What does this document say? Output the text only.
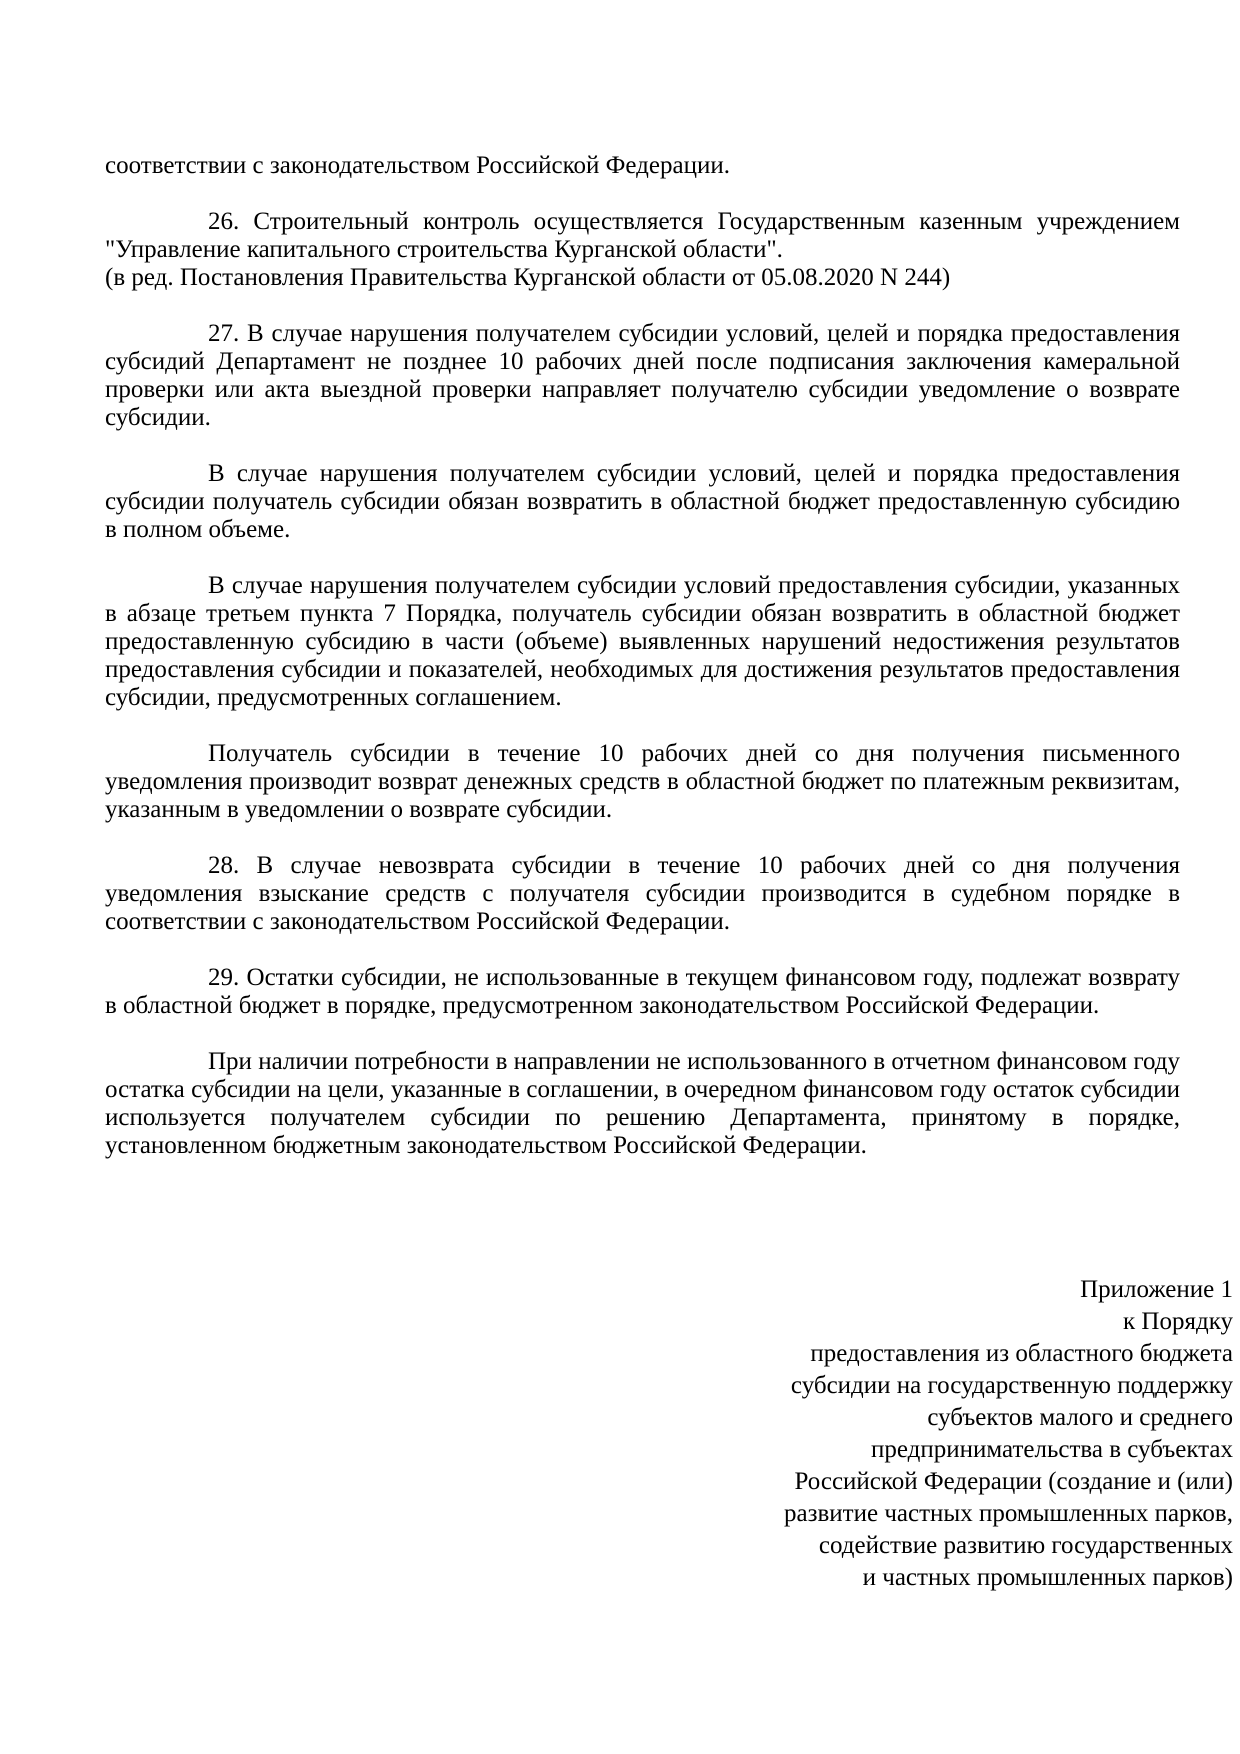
соответствии с законодательством Российской Федерации.

26. Строительный контроль осуществляется Государственным казенным учреждением "Управление капитального строительства Курганской области".

(в ред. Постановления Правительства Курганской области от 05.08.2020 N 244)

27. В случае нарушения получателем субсидии условий, целей и порядка предоставления субсидий Департамент не позднее 10 рабочих дней после подписания заключения камеральной проверки или акта выездной проверки направляет получателю субсидии уведомление о возврате субсидии.

В случае нарушения получателем субсидии условий, целей и порядка предоставления субсидии получатель субсидии обязан возвратить в областной бюджет предоставленную субсидию в полном объеме.

В случае нарушения получателем субсидии условий предоставления субсидии, указанных в абзаце третьем пункта 7 Порядка, получатель субсидии обязан возвратить в областной бюджет предоставленную субсидию в части (объеме) выявленных нарушений недостижения результатов предоставления субсидии и показателей, необходимых для достижения результатов предоставления субсидии, предусмотренных соглашением.

Получатель субсидии в течение 10 рабочих дней со дня получения письменного уведомления производит возврат денежных средств в областной бюджет по платежным реквизитам, указанным в уведомлении о возврате субсидии.

28. В случае невозврата субсидии в течение 10 рабочих дней со дня получения уведомления взыскание средств с получателя субсидии производится в судебном порядке в соответствии с законодательством Российской Федерации.

29. Остатки субсидии, не использованные в текущем финансовом году, подлежат возврату в областной бюджет в порядке, предусмотренном законодательством Российской Федерации.

При наличии потребности в направлении не использованного в отчетном финансовом году остатка субсидии на цели, указанные в соглашении, в очередном финансовом году остаток субсидии используется получателем субсидии по решению Департамента, принятому в порядке, установленном бюджетным законодательством Российской Федерации.

Приложение 1
к Порядку
предоставления из областного бюджета
субсидии на государственную поддержку
субъектов малого и среднего
предпринимательства в субъектах
Российской Федерации (создание и (или)
развитие частных промышленных парков,
содействие развитию государственных
и частных промышленных парков)
